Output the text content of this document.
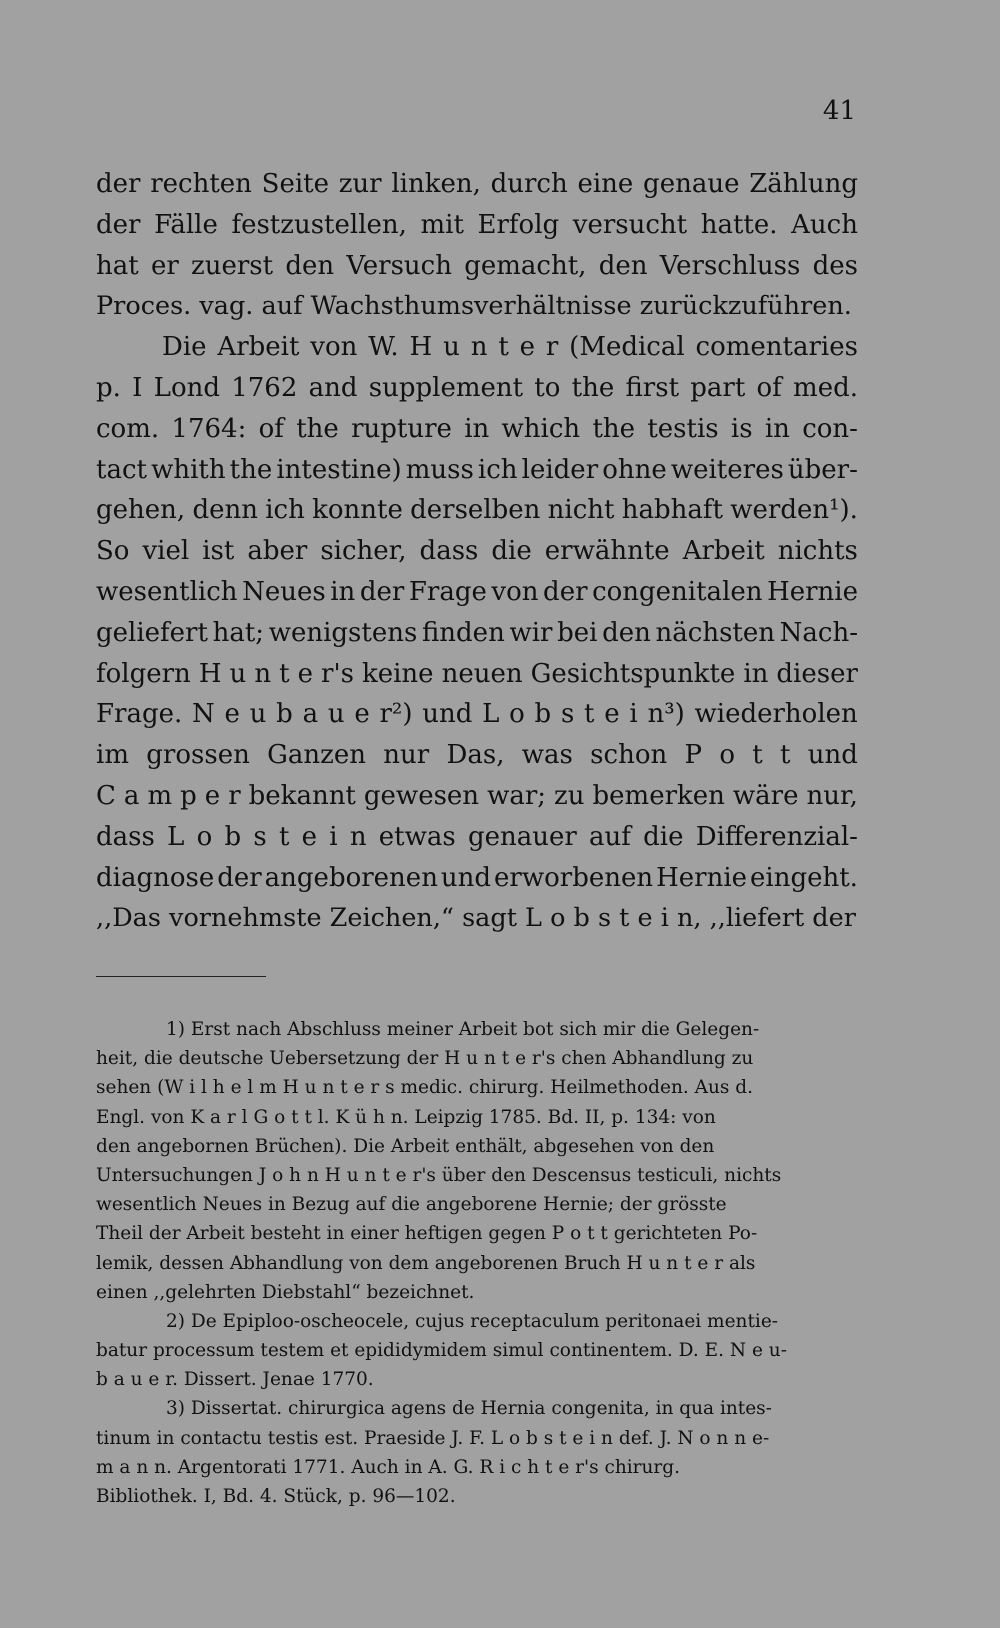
41
der rechten Seite zur linken, durch eine genaue Zählung
der Fälle festzustellen, mit Erfolg versucht hatte. Auch
hat er zuerst den Versuch gemacht, den Verschluss des
Proces. vag. auf Wachsthumsverhältnisse zurückzuführen.
Die Arbeit von W. H u n t e r (Medical comentaries
p. I Lond 1762 and supplement to the first part of med.
com. 1764: of the rupture in which the testis is in con-
tact whith the intestine) muss ich leider ohne weiteres über-
gehen, denn ich konnte derselben nicht habhaft werden¹).
So viel ist aber sicher, dass die erwähnte Arbeit nichts
wesentlich Neues in der Frage von der congenitalen Hernie
geliefert hat; wenigstens finden wir bei den nächsten Nach-
folgern H u n t e r's keine neuen Gesichtspunkte in dieser
Frage. N e u b a u e r²) und L o b s t e i n³) wiederholen
im grossen Ganzen nur Das, was schon P o t t und
C a m p e r bekannt gewesen war; zu bemerken wäre nur,
dass L o b s t e i n etwas genauer auf die Differenzial-
diagnose der angeborenen und erworbenen Hernie eingeht.
,,Das vornehmste Zeichen,“ sagt L o b s t e i n, ,,liefert der
1) Erst nach Abschluss meiner Arbeit bot sich mir die Gelegen-
heit, die deutsche Uebersetzung der H u n t e r's chen Abhandlung zu
sehen (W i l h e l m H u n t e r s medic. chirurg. Heilmethoden. Aus d.
Engl. von K a r l G o t t l. K ü h n. Leipzig 1785. Bd. II, p. 134: von
den angebornen Brüchen). Die Arbeit enthält, abgesehen von den
Untersuchungen J o h n H u n t e r's über den Descensus testiculi, nichts
wesentlich Neues in Bezug auf die angeborene Hernie; der grösste
Theil der Arbeit besteht in einer heftigen gegen P o t t gerichteten Po-
lemik, dessen Abhandlung von dem angeborenen Bruch H u n t e r als
einen ,,gelehrten Diebstahl“ bezeichnet.
2) De Epiploo-oscheocele, cujus receptaculum peritonaei mentie-
batur processum testem et epididymidem simul continentem. D. E. N e u-
b a u e r. Dissert. Jenae 1770.
3) Dissertat. chirurgica agens de Hernia congenita, in qua intes-
tinum in contactu testis est. Praeside J. F. L o b s t e i n def. J. N o n n e-
m a n n. Argentorati 1771. Auch in A. G. R i c h t e r's chirurg.
Bibliothek. I, Bd. 4. Stück, p. 96—102.
